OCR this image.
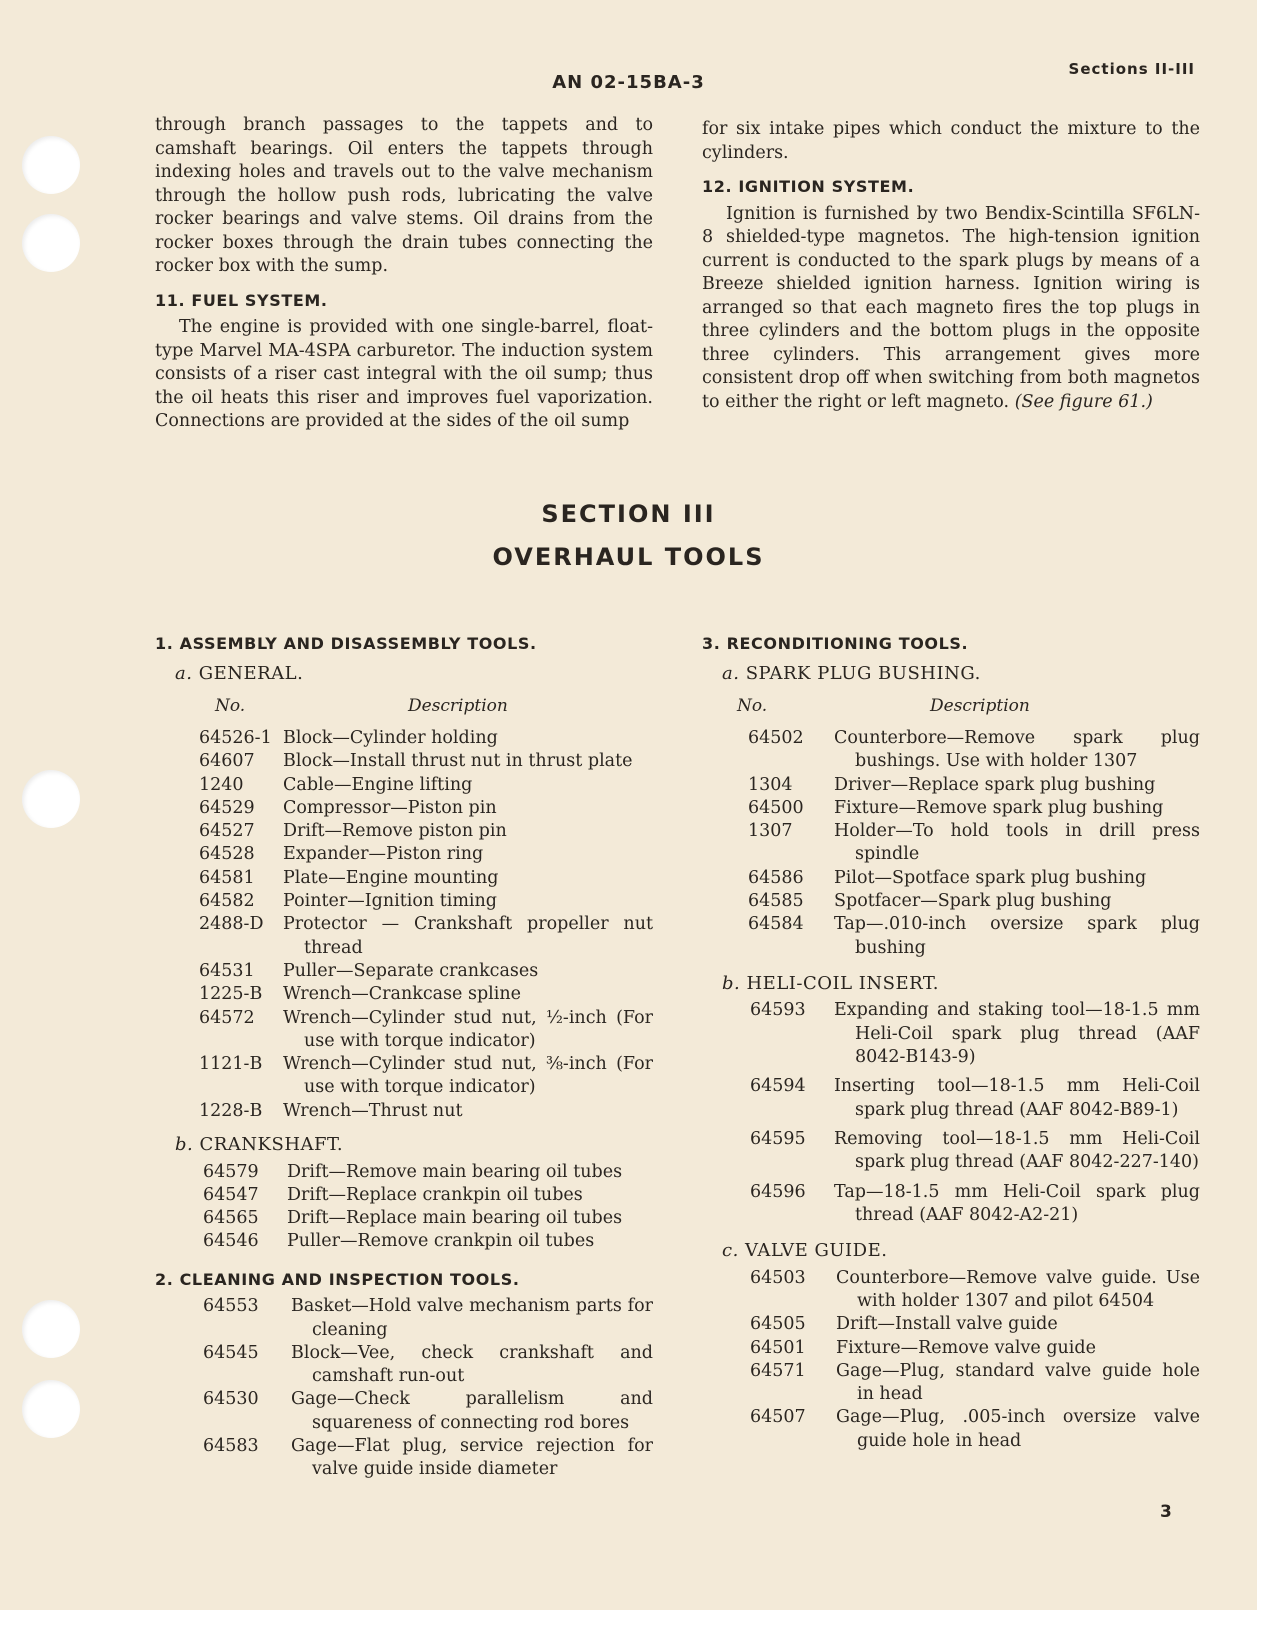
AN 02-15BA-3
Sections II-III

through branch passages to the tappets and to camshaft bearings. Oil enters the tappets through indexing holes and travels out to the valve mechanism through the hollow push rods, lubricating the valve rocker bearings and valve stems. Oil drains from the rocker boxes through the drain tubes connecting the rocker box with the sump.

11. FUEL SYSTEM.

The engine is provided with one single-barrel, float-type Marvel MA-4SPA carburetor. The induction system consists of a riser cast integral with the oil sump; thus the oil heats this riser and improves fuel vaporization. Connections are provided at the sides of the oil sump

for six intake pipes which conduct the mixture to the cylinders.

12. IGNITION SYSTEM.

Ignition is furnished by two Bendix-Scintilla SF6LN-8 shielded-type magnetos. The high-tension ignition current is conducted to the spark plugs by means of a Breeze shielded ignition harness. Ignition wiring is arranged so that each magneto fires the top plugs in three cylinders and the bottom plugs in the opposite three cylinders. This arrangement gives more consistent drop off when switching from both magnetos to either the right or left magneto. (See figure 61.)

SECTION III
OVERHAUL TOOLS
1. ASSEMBLY AND DISASSEMBLY TOOLS.
a. GENERAL.
No.	Description
64526-1 Block—Cylinder holding
64607	Block—Install thrust nut in thrust plate
1240	Cable—Engine lifting
64529	Compressor—Piston pin
64527	Drift—Remove piston pin
64528	Expander—Piston ring
64581	Plate—Engine mounting
64582	Pointer—Ignition timing
2488-D	Protector — Crankshaft propeller nut thread
64531	Puller—Separate crankcases
1225-B	Wrench—Crankcase spline
64572	Wrench—Cylinder stud nut, ½-inch (For use with torque indicator)
1121-B	Wrench—Cylinder stud nut, ⅜-inch (For use with torque indicator)
1228-B	Wrench—Thrust nut
b. CRANKSHAFT.
64579	Drift—Remove main bearing oil tubes
64547	Drift—Replace crankpin oil tubes
64565	Drift—Replace main bearing oil tubes
64546	Puller—Remove crankpin oil tubes
2. CLEANING AND INSPECTION TOOLS.
64553	Basket—Hold valve mechanism parts for cleaning
64545	Block—Vee, check crankshaft and camshaft run-out
64530	Gage—Check parallelism and squareness of connecting rod bores
64583	Gage—Flat plug, service rejection for valve guide inside diameter
3. RECONDITIONING TOOLS.
a. SPARK PLUG BUSHING.
No.	Description
64502	Counterbore—Remove spark plug bushings. Use with holder 1307
1304	Driver—Replace spark plug bushing
64500	Fixture—Remove spark plug bushing
1307	Holder—To hold tools in drill press spindle
64586	Pilot—Spotface spark plug bushing
64585	Spotfacer—Spark plug bushing
64584	Tap—.010-inch oversize spark plug bushing
b. HELI-COIL INSERT.
64593	Expanding and staking tool—18-1.5 mm Heli-Coil spark plug thread (AAF 8042-B143-9)
64594	Inserting tool—18-1.5 mm Heli-Coil spark plug thread (AAF 8042-B89-1)
64595	Removing tool—18-1.5 mm Heli-Coil spark plug thread (AAF 8042-227-140)
64596	Tap—18-1.5 mm Heli-Coil spark plug thread (AAF 8042-A2-21)
c. VALVE GUIDE.
64503	Counterbore—Remove valve guide. Use with holder 1307 and pilot 64504
64505	Drift—Install valve guide
64501	Fixture—Remove valve guide
64571	Gage—Plug, standard valve guide hole in head
64507	Gage—Plug, .005-inch oversize valve guide hole in head
3
